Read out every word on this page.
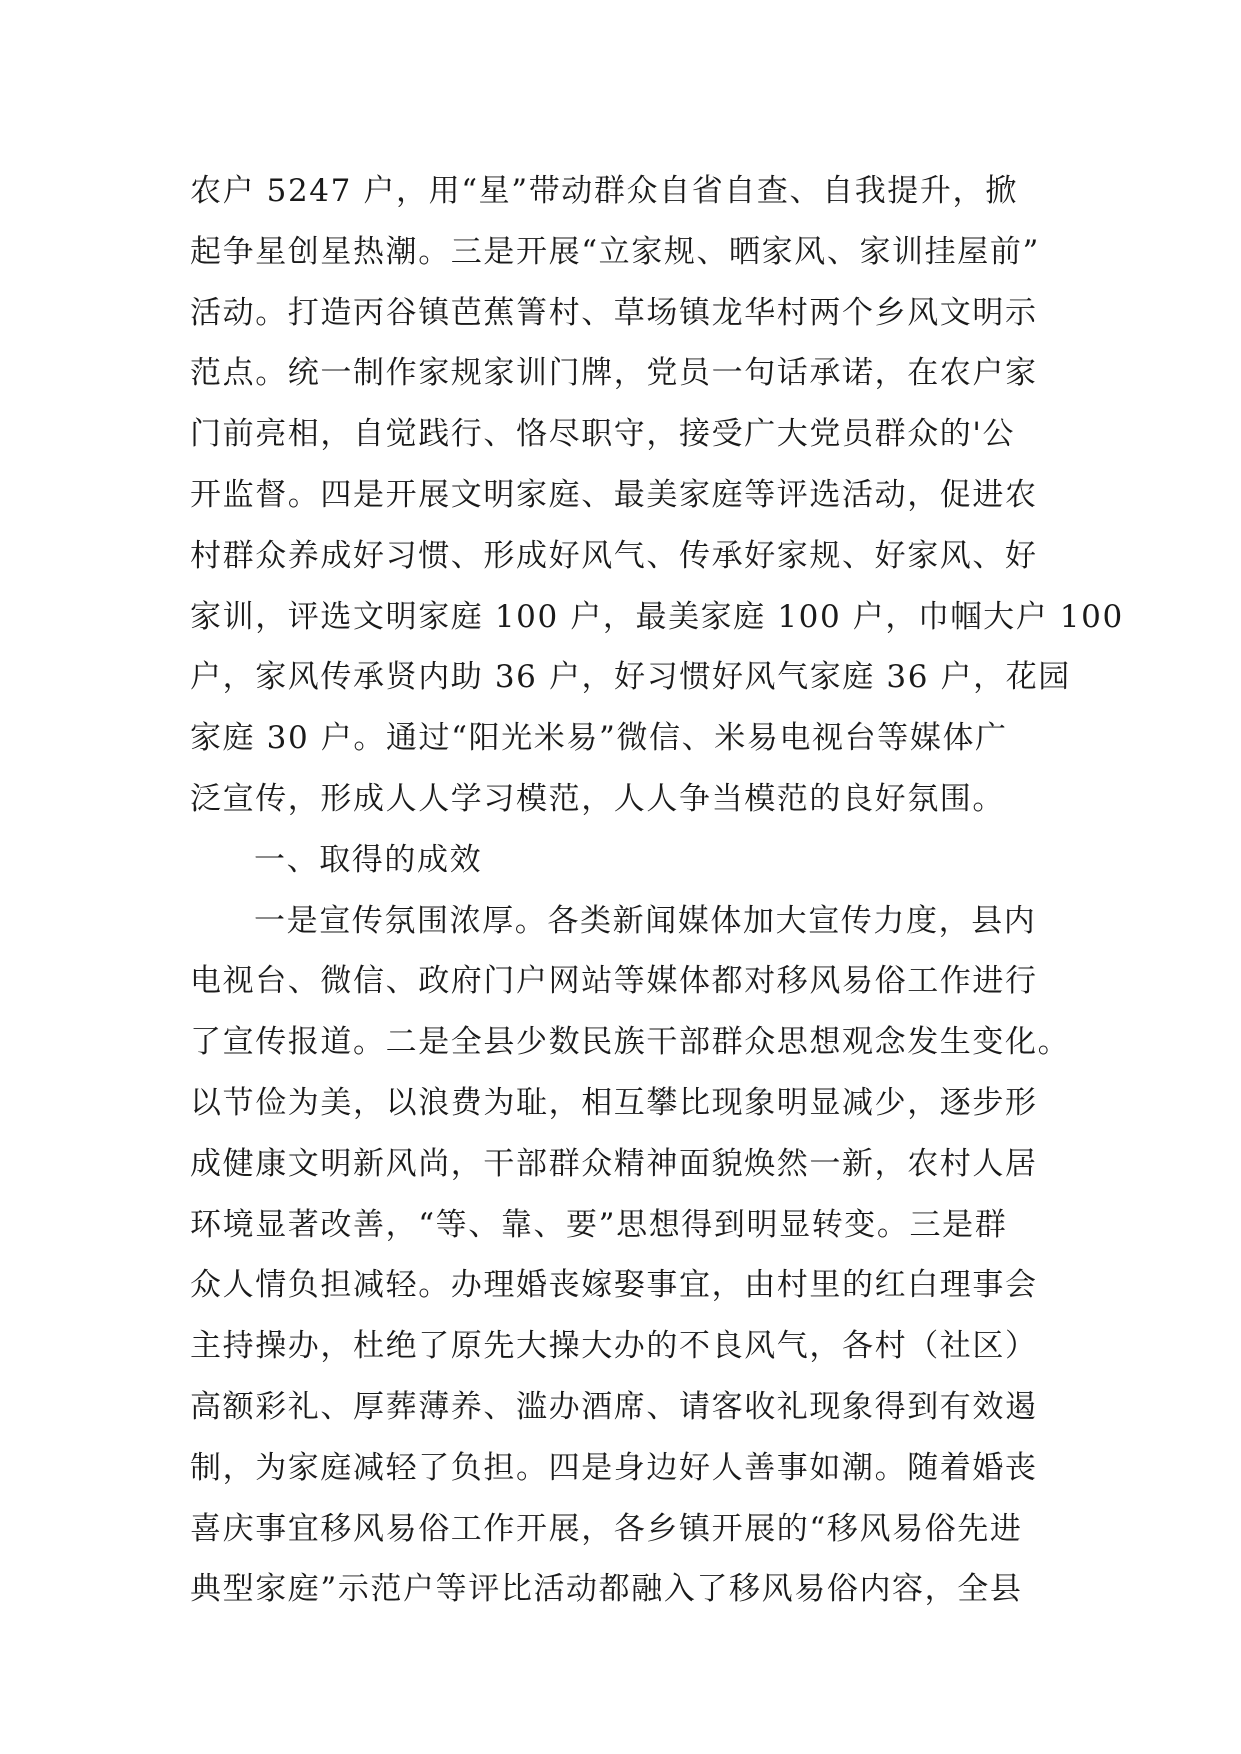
农户 5247 户，用“星”带动群众自省自查、自我提升，掀
起争星创星热潮。三是开展“立家规、晒家风、家训挂屋前”
活动。打造丙谷镇芭蕉箐村、草场镇龙华村两个乡风文明示
范点。统一制作家规家训门牌，党员一句话承诺，在农户家
门前亮相，自觉践行、恪尽职守，接受广大党员群众的'公
开监督。四是开展文明家庭、最美家庭等评选活动，促进农
村群众养成好习惯、形成好风气、传承好家规、好家风、好
家训，评选文明家庭 100 户，最美家庭 100 户，巾帼大户 100
户，家风传承贤内助 36 户，好习惯好风气家庭 36 户，花园
家庭 30 户。通过“阳光米易”微信、米易电视台等媒体广
泛宣传，形成人人学习模范，人人争当模范的良好氛围。
一、取得的成效
一是宣传氛围浓厚。各类新闻媒体加大宣传力度，县内
电视台、微信、政府门户网站等媒体都对移风易俗工作进行
了宣传报道。二是全县少数民族干部群众思想观念发生变化。
以节俭为美，以浪费为耻，相互攀比现象明显减少，逐步形
成健康文明新风尚，干部群众精神面貌焕然一新，农村人居
环境显著改善，“等、靠、要”思想得到明显转变。三是群
众人情负担减轻。办理婚丧嫁娶事宜，由村里的红白理事会
主持操办，杜绝了原先大操大办的不良风气，各村（社区）
高额彩礼、厚葬薄养、滥办酒席、请客收礼现象得到有效遏
制，为家庭减轻了负担。四是身边好人善事如潮。随着婚丧
喜庆事宜移风易俗工作开展，各乡镇开展的“移风易俗先进
典型家庭”示范户等评比活动都融入了移风易俗内容，全县
